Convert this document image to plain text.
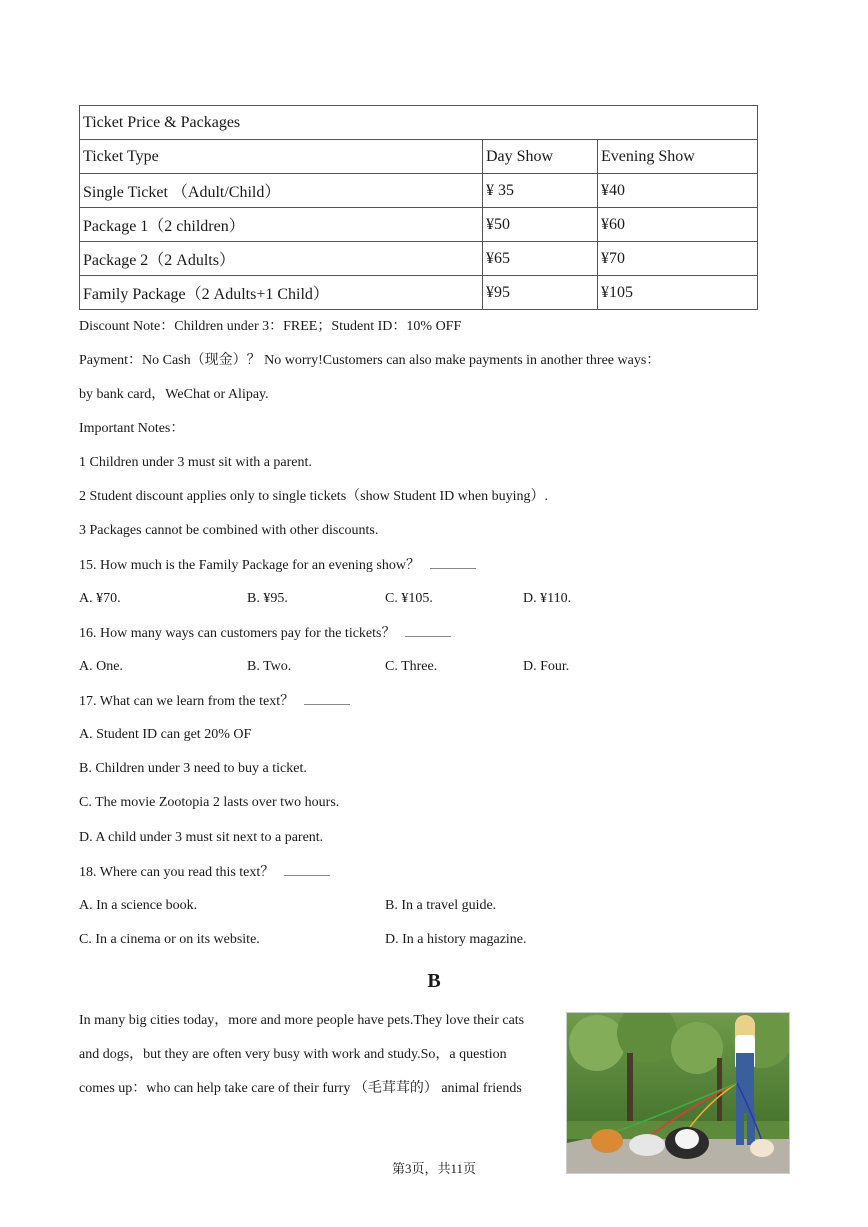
Ticket Price & Packages		
Ticket Type	Day Show	Evening Show
Single Ticket （Adult/Child）	¥ 35	¥40
Package 1（2 children）	¥50	¥60
Package 2（2 Adults）	¥65	¥70
Family Package（2 Adults+1 Child）	¥95	¥105
Discount Note：Children under 3：FREE；Student ID：10% OFF
Payment：No Cash（现金）？ No worry!Customers can also make payments in another three ways：
by bank card，WeChat or Alipay.
Important Notes：
1 Children under 3 must sit with a parent.
2 Student discount applies only to single tickets（show Student ID when buying）.
3 Packages cannot be combined with other discounts.
15. How much is the Family Package for an evening show？
A. ¥70.	B. ¥95.	C. ¥105.	D. ¥110.
16. How many ways can customers pay for the tickets？
A. One.	B. Two.	C. Three.	D. Four.
17. What can we learn from the text？
A. Student ID can get 20% OF
B. Children under 3 need to buy a ticket.
C. The movie Zootopia 2 lasts over two hours.
D. A child under 3 must sit next to a parent.
18. Where can you read this text？
A. In a science book.	B. In a travel guide.
C. In a cinema or on its website.	D. In a history magazine.
B
In many big cities today，more and more people have pets.They love their cats
and dogs，but they are often very busy with work and study.So，a question
comes up：who can help take care of their furry （毛茸茸的） animal friends
第3页，共11页
